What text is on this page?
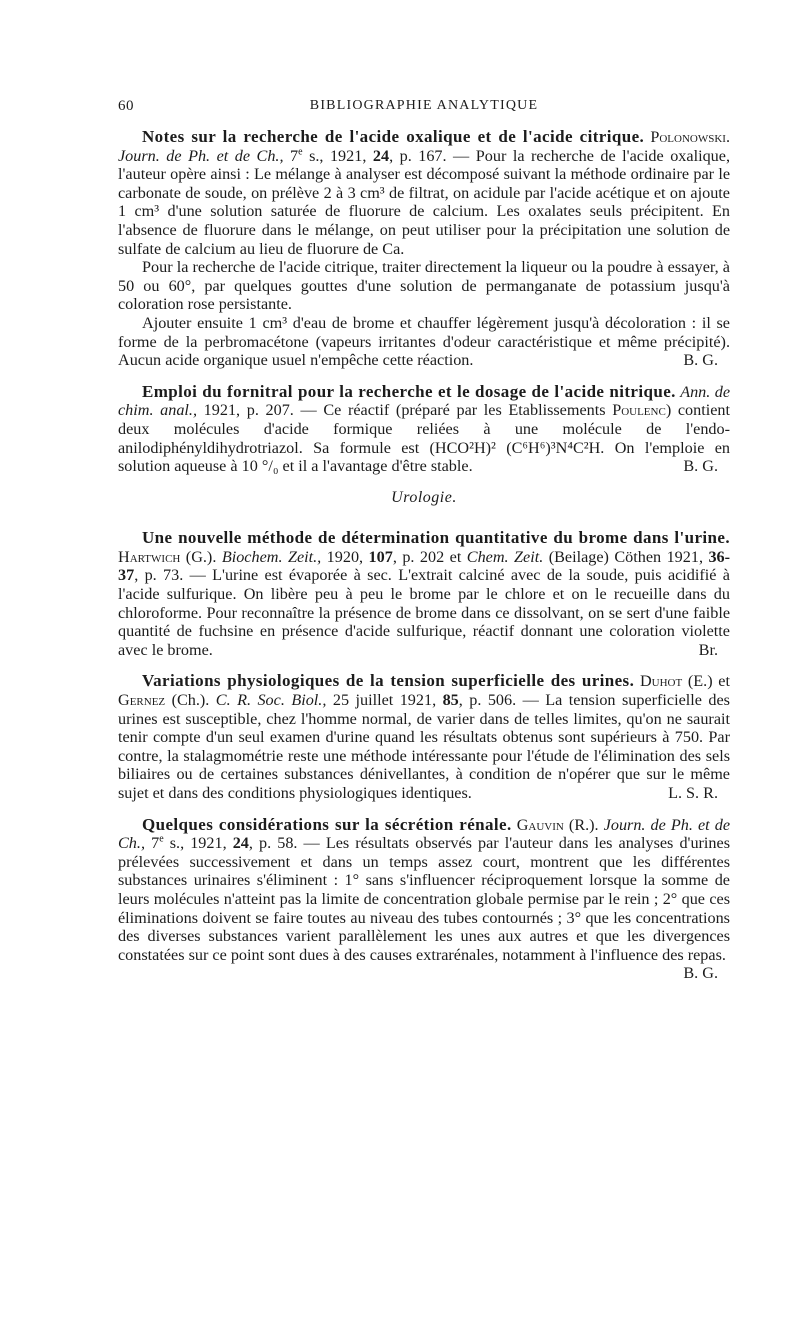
60	BIBLIOGRAPHIE ANALYTIQUE

Notes sur la recherche de l'acide oxalique et de l'acide citrique. Polonowski. Journ. de Ph. et de Ch., 7e s., 1921, 24, p. 167. — Pour la recherche de l'acide oxalique, l'auteur opère ainsi : Le mélange à analyser est décomposé suivant la méthode ordinaire par le carbonate de soude, on prélève 2 à 3 cm³ de filtrat, on acidule par l'acide acétique et on ajoute 1 cm³ d'une solution saturée de fluorure de calcium. Les oxalates seuls précipitent. En l'absence de fluorure dans le mélange, on peut utiliser pour la précipitation une solution de sulfate de calcium au lieu de fluorure de Ca.

Pour la recherche de l'acide citrique, traiter directement la liqueur ou la poudre à essayer, à 50 ou 60°, par quelques gouttes d'une solution de permanganate de potassium jusqu'à coloration rose persistante.

Ajouter ensuite 1 cm³ d'eau de brome et chauffer légèrement jusqu'à décoloration : il se forme de la perbromacétone (vapeurs irritantes d'odeur caractéristique et même précipité). Aucun acide organique usuel n'empêche cette réaction.	B. G.

Emploi du fornitral pour la recherche et le dosage de l'acide nitrique. Ann. de chim. anal., 1921, p. 207. — Ce réactif (préparé par les Etablissements Poulenc) contient deux molécules d'acide formique reliées à une molécule de l'endo-anilodiphényldihydrotriazol. Sa formule est (HCO²H)² (C⁶H⁶)³N⁴C²H. On l'emploie en solution aqueuse à 10 °/₀ et il a l'avantage d'être stable.	B. G.

Urologie.

Une nouvelle méthode de détermination quantitative du brome dans l'urine. Hartwich (G.). Biochem. Zeit., 1920, 107, p. 202 et Chem. Zeit. (Beilage) Cöthen 1921, 36-37, p. 73. — L'urine est évaporée à sec. L'extrait calciné avec de la soude, puis acidifié à l'acide sulfurique. On libère peu à peu le brome par le chlore et on le recueille dans du chloroforme. Pour reconnaître la présence de brome dans ce dissolvant, on se sert d'une faible quantité de fuchsine en présence d'acide sulfurique, réactif donnant une coloration violette avec le brome.	Br.

Variations physiologiques de la tension superficielle des urines. Duhot (E.) et Gernez (Ch.). C. R. Soc. Biol., 25 juillet 1921, 85, p. 506. — La tension superficielle des urines est susceptible, chez l'homme normal, de varier dans de telles limites, qu'on ne saurait tenir compte d'un seul examen d'urine quand les résultats obtenus sont supérieurs à 750. Par contre, la stalagmométrie reste une méthode intéressante pour l'étude de l'élimination des sels biliaires ou de certaines substances dénivellantes, à condition de n'opérer que sur le même sujet et dans des conditions physiologiques identiques.	L. S. R.

Quelques considérations sur la sécrétion rénale. Gauvin (R.). Journ. de Ph. et de Ch., 7e s., 1921, 24, p. 58. — Les résultats observés par l'auteur dans les analyses d'urines prélevées successivement et dans un temps assez court, montrent que les différentes substances urinaires s'éliminent : 1° sans s'influencer réciproquement lorsque la somme de leurs molécules n'atteint pas la limite de concentration globale permise par le rein ; 2° que ces éliminations doivent se faire toutes au niveau des tubes contournés ; 3° que les concentrations des diverses substances varient parallèlement les unes aux autres et que les divergences constatées sur ce point sont dues à des causes extrarénales, notamment à l'influence des repas.
B. G.
